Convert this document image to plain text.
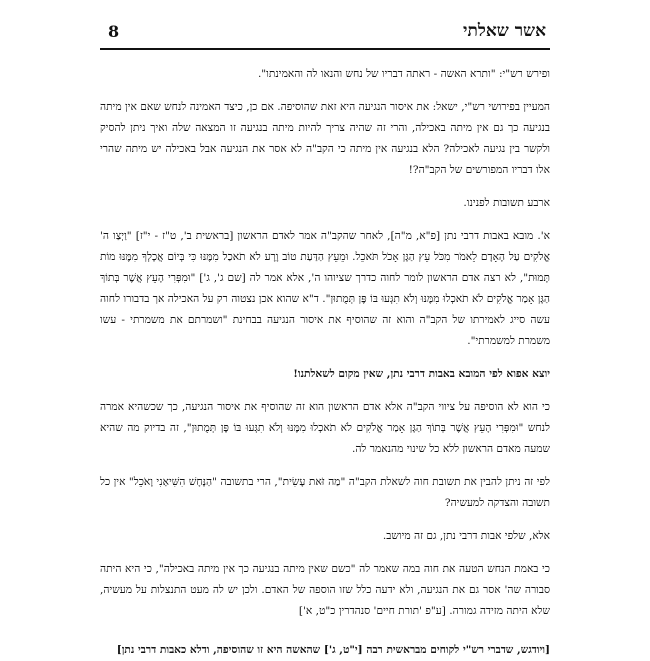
8	אשר שאלתי

ופירש רש"י: "ותרא האשה - ראתה דבריו של נחש והנאו לה והאמינתו".

המעיין בפירושי רש"י, ישאל: את איסור הנגיעה היא זאת שהוסיפה. אם כן, כיצד האמינה לנחש שאם אין מיתה בנגיעה כך גם אין מיתה באכילה, והרי זה שהיה צריך להיות מיתה בנגיעה זו המצאה שלה ואיך ניתן להסיק ולקשר בין נגיעה לאכילה? הלא בנגיעה אין מיתה כי הקב"ה לא אסר את הנגיעה אבל באכילה יש מיתה שהרי אלו דבריו המפורשים של הקב"ה?!

ארבע תשובות לפנינו.

א'. מובא באבות דרבי נתן [פ"א, מ"ה], לאחר שהקב"ה אמר לאדם הראשון [בראשית ב', ט"ז - י"ז] "וַיְצַו ה' אֱלֹקִים עַל הָאָדָם לֵאמֹר מִכֹּל עֵץ הַגָּן אָכֹל תֹּאכֵל. וּמֵעֵץ הַדַּעַת טוֹב וָרָע לֹא תֹאכַל מִמֶּנּוּ כִּי בְּיוֹם אֲכָלְךָ מִמֶּנּוּ מוֹת תָּמוּת", לא רצה אדם הראשון לומר לחוה כדרך שציוהו ה', אלא אמר לה [שם ג', ג'] "וּמִפְּרִי הָעֵץ אֲשֶׁר בְּתוֹךְ הַגָּן אָמַר אֱלֹקִים לֹא תֹאכְלוּ מִמֶּנּוּ וְלֹא תִגְּעוּ בּוֹ פֶּן תְּמֻתוּן". ד"א שהוא אכן נצטוה רק על האכילה אך בדבורו לחוה עשה סייג לאמירתו של הקב"ה והוא זה שהוסיף את איסור הנגיעה בבחינת "ושמרתם את משמרתי - עשו משמרת למשמרתי".

יוצא אפוא לפי המובא באבות דרבי נתן, שאין מקום לשאלתנו!

כי הוא לא הוסיפה על ציווי הקב"ה אלא אדם הראשון הוא זה שהוסיף את איסור הנגיעה, כך שכשהיא אמרה לנחש "וּמִפְּרִי הָעֵץ אֲשֶׁר בְּתוֹךְ הַגָּן אָמַר אֱלֹקִים לֹא תֹאכְלוּ מִמֶּנּוּ וְלֹא תִגְּעוּ בּוֹ פֶּן תְּמֻתוּן", זה בדיוק מה שהיא שמעה מאדם הראשון ללא כל שינוי מהנאמר לה.

לפי זה ניתן להבין את תשובת חוה לשאלת הקב"ה "מַה זֹּאת עָשִׂית", הרי בתשובה "הַנָּחָשׁ הִשִּׁיאַנִי וָאֹכֵל" אין כל תשובה והצדקה למעשיה?

אלא, שלפי אבות דרבי נתן, גם זה מיושב.

כי באמת הנחש הטעה את חוה במה שאמר לה "כשם שאין מיתה בנגיעה כך אין מיתה באכילה", כי היא היתה סבורה שה' אסר גם את הנגיעה, ולא ידעה כלל שזו הוספה של האדם. ולכן יש לה מעט התנצלות על מעשיה, שלא היתה מזידה גמורה. [ע"פ 'תורת חיים' סנהדרין כ"ט, א']

[ויודגש, שדברי רש"י לקוחים מבראשית רבה [י"ט, ג'] שהאשה היא זו שהוסיפה, ודלא כאבות דרבי נתן]
